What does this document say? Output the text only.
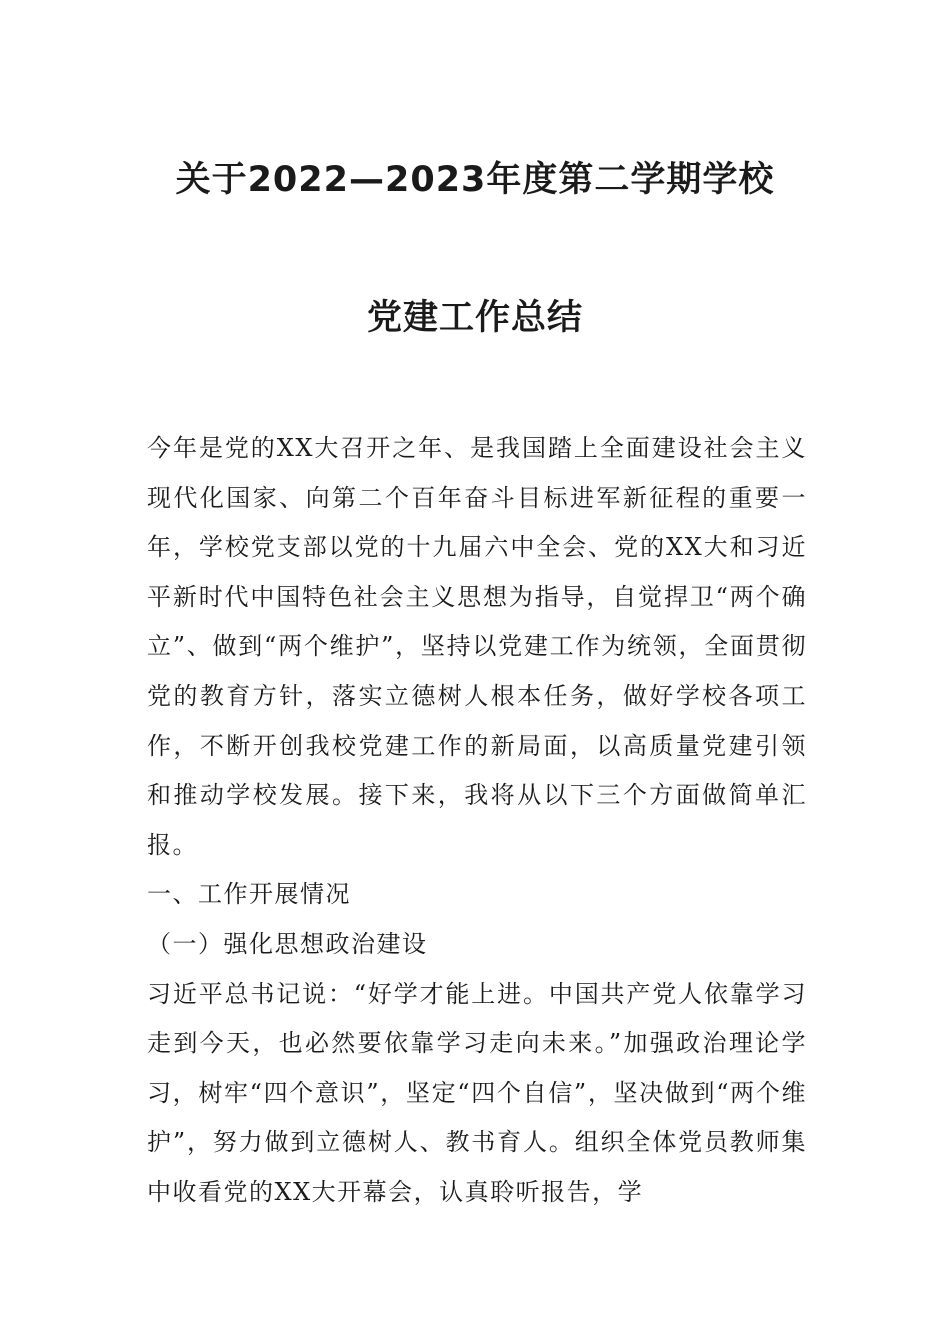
关于2022—2023年度第二学期学校
党建工作总结

今年是党的XX大召开之年、是我国踏上全面建设社会主义现代化国家、向第二个百年奋斗目标进军新征程的重要一年，学校党支部以党的十九届六中全会、党的XX大和习近平新时代中国特色社会主义思想为指导，自觉捍卫“两个确立”、做到“两个维护”，坚持以党建工作为统领，全面贯彻党的教育方针，落实立德树人根本任务，做好学校各项工作，不断开创我校党建工作的新局面，以高质量党建引领和推动学校发展。接下来，我将从以下三个方面做简单汇报。

一、工作开展情况

（一）强化思想政治建设

习近平总书记说：“好学才能上进。中国共产党人依靠学习走到今天，也必然要依靠学习走向未来。”加强政治理论学习，树牢“四个意识”，坚定“四个自信”，坚决做到“两个维护”，努力做到立德树人、教书育人。组织全体党员教师集中收看党的XX大开幕会，认真聆听报告，学
